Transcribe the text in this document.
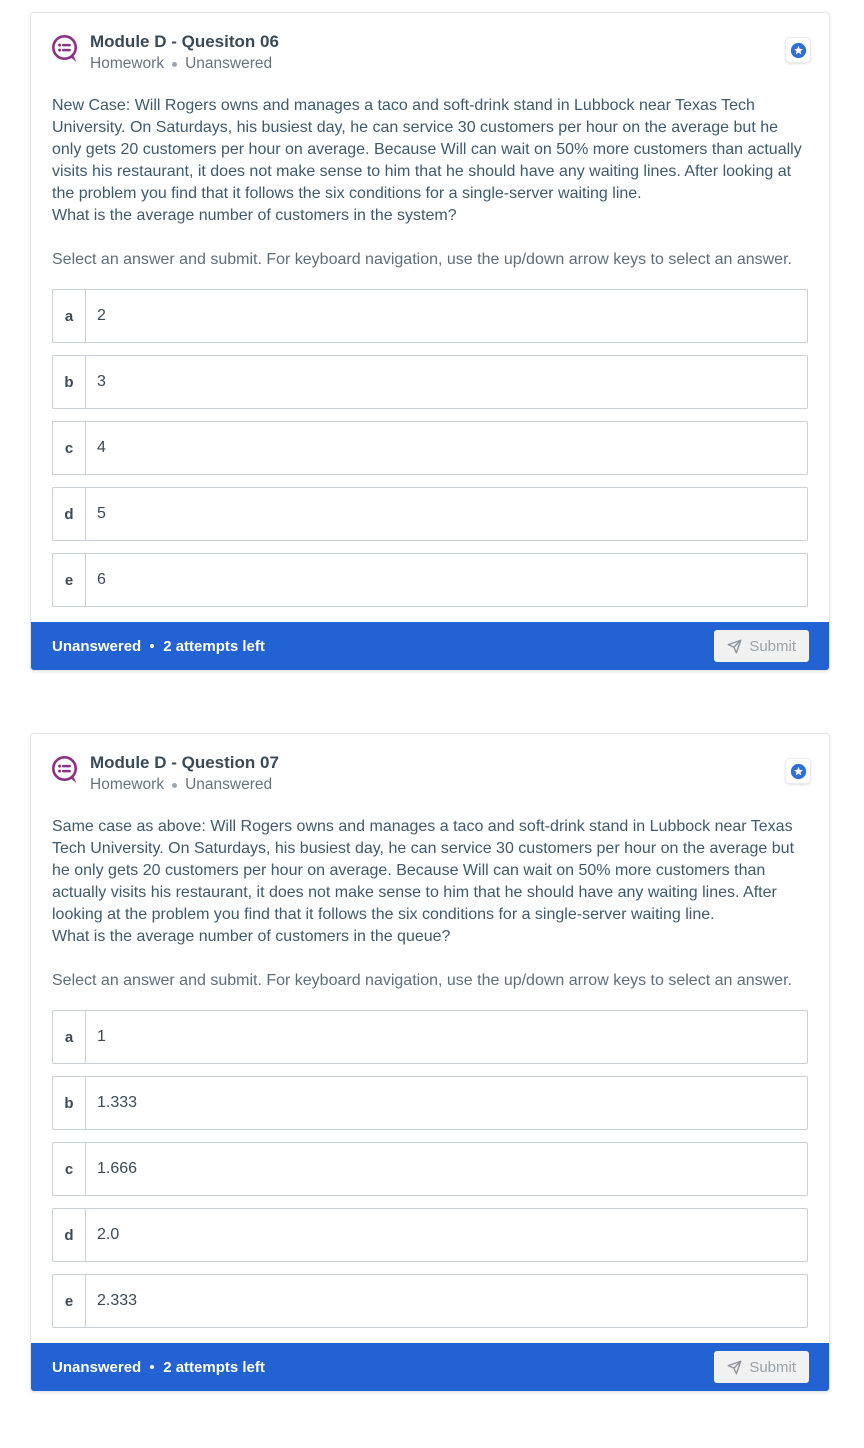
Module D - Quesiton 06
Homework Unanswered
New Case: Will Rogers owns and manages a taco and soft-drink stand in Lubbock near Texas Tech University. On Saturdays, his busiest day, he can service 30 customers per hour on the average but he only gets 20 customers per hour on average. Because Will can wait on 50% more customers than actually visits his restaurant, it does not make sense to him that he should have any waiting lines. After looking at the problem you find that it follows the six conditions for a single-server waiting line.
What is the average number of customers in the system?

Select an answer and submit. For keyboard navigation, use the up/down arrow keys to select an answer.

a	2
b	3
c	4
d	5
e	6
Unanswered 2 attempts left	Submit
Module D - Question 07
Homework Unanswered
Same case as above: Will Rogers owns and manages a taco and soft-drink stand in Lubbock near Texas Tech University. On Saturdays, his busiest day, he can service 30 customers per hour on the average but he only gets 20 customers per hour on average. Because Will can wait on 50% more customers than actually visits his restaurant, it does not make sense to him that he should have any waiting lines. After looking at the problem you find that it follows the six conditions for a single-server waiting line.
What is the average number of customers in the queue?

Select an answer and submit. For keyboard navigation, use the up/down arrow keys to select an answer.

a	1
b	1.333
c	1.666
d	2.0
e	2.333
Unanswered 2 attempts left	Submit
